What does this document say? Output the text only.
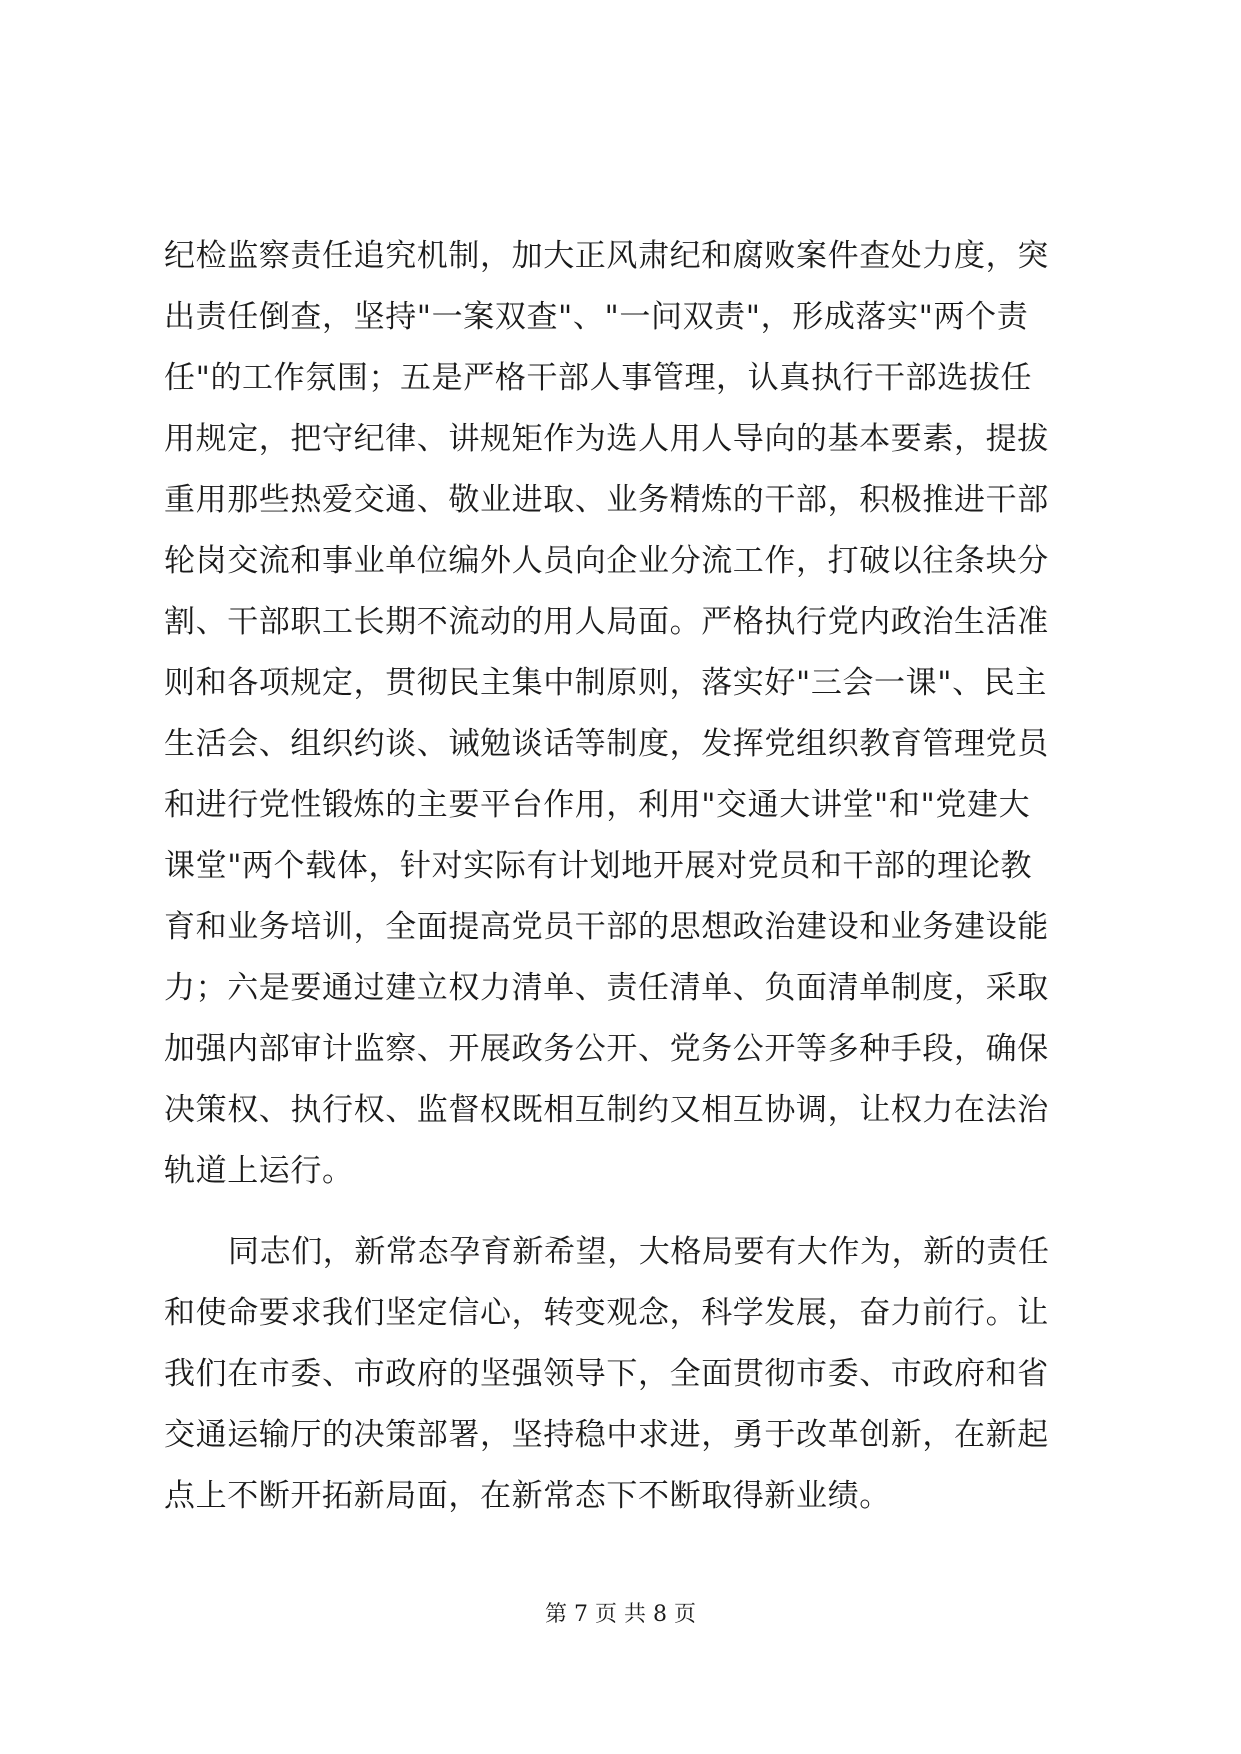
纪检监察责任追究机制，加大正风肃纪和腐败案件查处力度，突
出责任倒查，坚持"一案双查"、"一问双责"，形成落实"两个责
任"的工作氛围；五是严格干部人事管理，认真执行干部选拔任
用规定，把守纪律、讲规矩作为选人用人导向的基本要素，提拔
重用那些热爱交通、敬业进取、业务精炼的干部，积极推进干部
轮岗交流和事业单位编外人员向企业分流工作，打破以往条块分
割、干部职工长期不流动的用人局面。严格执行党内政治生活准
则和各项规定，贯彻民主集中制原则，落实好"三会一课"、民主
生活会、组织约谈、诫勉谈话等制度，发挥党组织教育管理党员
和进行党性锻炼的主要平台作用，利用"交通大讲堂"和"党建大
课堂"两个载体，针对实际有计划地开展对党员和干部的理论教
育和业务培训，全面提高党员干部的思想政治建设和业务建设能
力；六是要通过建立权力清单、责任清单、负面清单制度，采取
加强内部审计监察、开展政务公开、党务公开等多种手段，确保
决策权、执行权、监督权既相互制约又相互协调，让权力在法治
轨道上运行。
同志们，新常态孕育新希望，大格局要有大作为，新的责任
和使命要求我们坚定信心，转变观念，科学发展，奋力前行。让
我们在市委、市政府的坚强领导下，全面贯彻市委、市政府和省
交通运输厅的决策部署，坚持稳中求进，勇于改革创新，在新起
点上不断开拓新局面，在新常态下不断取得新业绩。
第 7 页 共 8 页
